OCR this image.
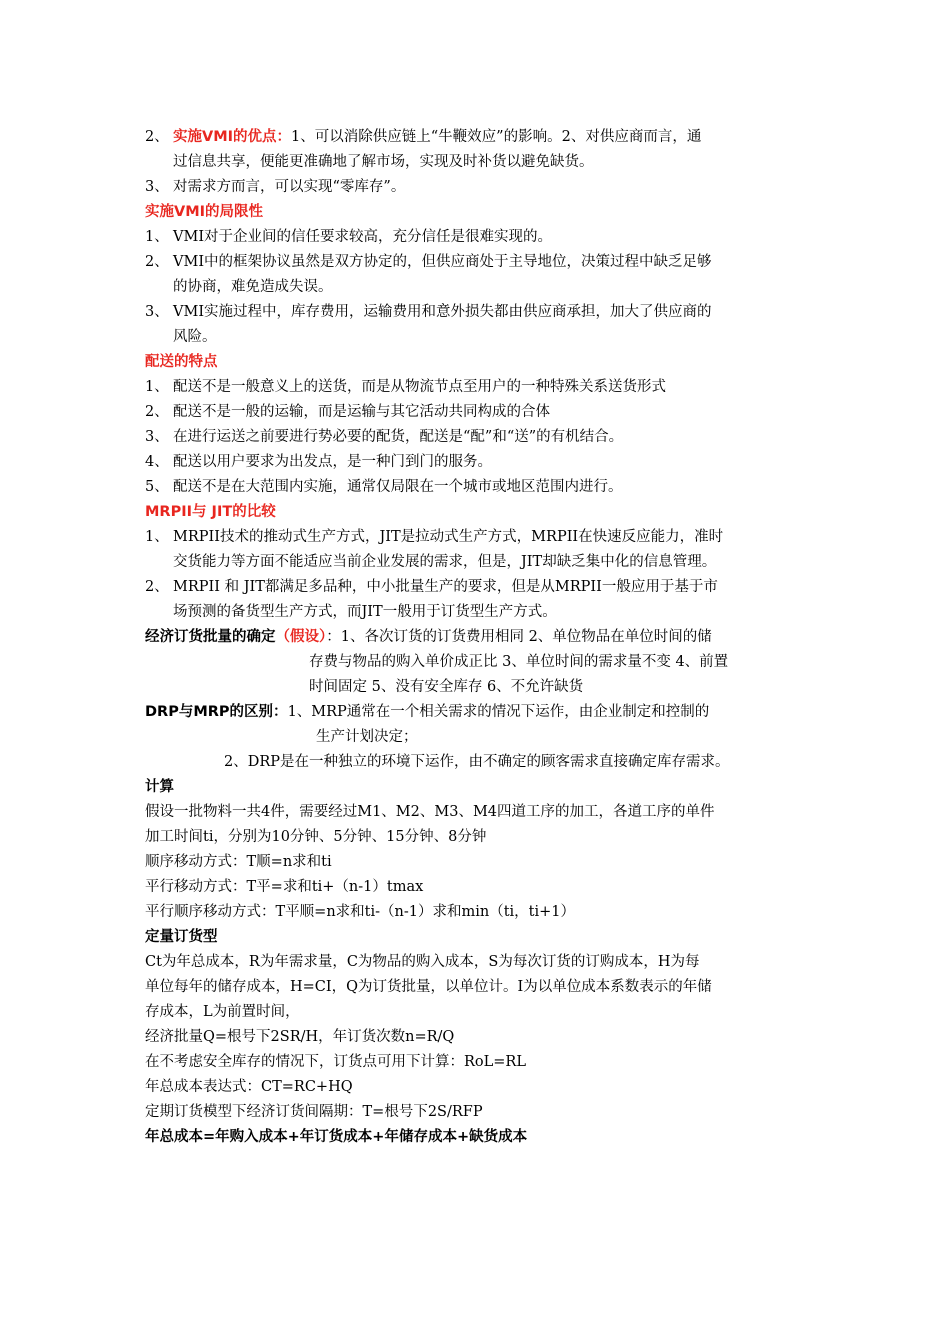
2、 实施VMI的优点：1、可以消除供应链上“牛鞭效应”的影响。2、对供应商而言，通
过信息共享，便能更准确地了解市场，实现及时补货以避免缺货。
3、 对需求方而言，可以实现“零库存”。
实施VMI的局限性
1、 VMI对于企业间的信任要求较高，充分信任是很难实现的。
2、 VMI中的框架协议虽然是双方协定的，但供应商处于主导地位，决策过程中缺乏足够
的协商，难免造成失误。
3、 VMI实施过程中，库存费用，运输费用和意外损失都由供应商承担，加大了供应商的
风险。
配送的特点
1、 配送不是一般意义上的送货，而是从物流节点至用户的一种特殊关系送货形式
2、 配送不是一般的运输，而是运输与其它活动共同构成的合体
3、 在进行运送之前要进行势必要的配货，配送是“配”和“送”的有机结合。
4、 配送以用户要求为出发点，是一种门到门的服务。
5、 配送不是在大范围内实施，通常仅局限在一个城市或地区范围内进行。
MRPII与 JIT的比较
1、 MRPII技术的推动式生产方式，JIT是拉动式生产方式，MRPII在快速反应能力，准时
交货能力等方面不能适应当前企业发展的需求，但是，JIT却缺乏集中化的信息管理。
2、 MRPII 和 JIT都满足多品种，中小批量生产的要求，但是从MRPII一般应用于基于市
场预测的备货型生产方式，而JIT一般用于订货型生产方式。
经济订货批量的确定（假设）：1、各次订货的订货费用相同 2、单位物品在单位时间的储
存费与物品的购入单价成正比 3、单位时间的需求量不变 4、前置
时间固定 5、没有安全库存 6、不允许缺货
DRP与MRP的区别：1、MRP通常在一个相关需求的情况下运作，由企业制定和控制的
生产计划决定；
2、DRP是在一种独立的环境下运作，由不确定的顾客需求直接确定库存需求。
计算
假设一批物料一共4件，需要经过M1、M2、M3、M4四道工序的加工，各道工序的单件
加工时间ti，分别为10分钟、5分钟、15分钟、8分钟
顺序移动方式：T顺=n求和ti
平行移动方式：T平=求和ti+（n-1）tmax
平行顺序移动方式：T平顺=n求和ti-（n-1）求和min（ti，ti+1）
定量订货型
Ct为年总成本，R为年需求量，C为物品的购入成本，S为每次订货的订购成本，H为每
单位每年的储存成本，H=CI，Q为订货批量，以单位计。I为以单位成本系数表示的年储
存成本，L为前置时间，
经济批量Q=根号下2SR/H，年订货次数n=R/Q
在不考虑安全库存的情况下，订货点可用下计算：RoL=RL
年总成本表达式：CT=RC+HQ
定期订货模型下经济订货间隔期：T=根号下2S/RFP
年总成本=年购入成本+年订货成本+年储存成本+缺货成本
